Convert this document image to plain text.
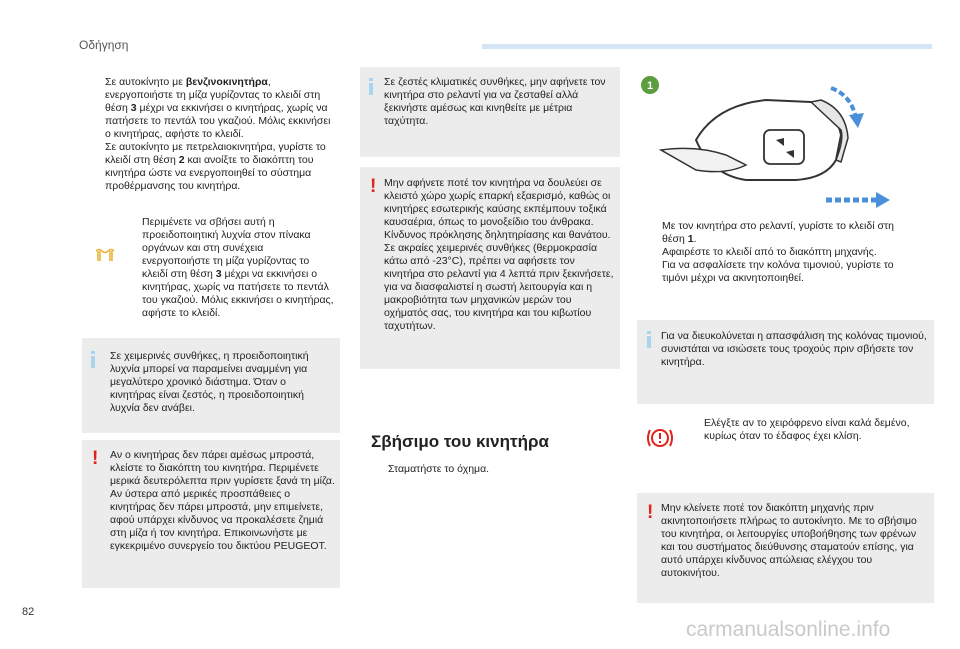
Οδήγηση
Σε αυτοκίνητο με βενζινοκινητήρα, ενεργοποιήστε τη μίζα γυρίζοντας το κλειδί στη θέση 3 μέχρι να εκκινήσει ο κινητήρας, χωρίς να πατήσετε το πεντάλ του γκαζιού. Μόλις εκκινήσει ο κινητήρας, αφήστε το κλειδί.
Σε αυτοκίνητο με πετρελαιοκινητήρα, γυρίστε το κλειδί στη θέση 2 και ανοίξτε το διακόπτη του κινητήρα ώστε να ενεργοποιηθεί το σύστημα προθέρμανσης του κινητήρα.
Περιμένετε να σβήσει αυτή η προειδοποιητική λυχνία στον πίνακα οργάνων και στη συνέχεια ενεργοποιήστε τη μίζα γυρίζοντας το κλειδί στη θέση 3 μέχρι να εκκινήσει ο κινητήρας, χωρίς να πατήσετε το πεντάλ του γκαζιού. Μόλις εκκινήσει ο κινητήρας, αφήστε το κλειδί.
Σε χειμερινές συνθήκες, η προειδοποιητική λυχνία μπορεί να παραμείνει αναμμένη για μεγαλύτερο χρονικό διάστημα. Όταν ο κινητήρας είναι ζεστός, η προειδοποιητική λυχνία δεν ανάβει.
! Αν ο κινητήρας δεν πάρει αμέσως μπροστά, κλείστε το διακόπτη του κινητήρα. Περιμένετε μερικά δευτερόλεπτα πριν γυρίσετε ξανά τη μίζα. Αν ύστερα από μερικές προσπάθειες ο κινητήρας δεν πάρει μπροστά, μην επιμείνετε, αφού υπάρχει κίνδυνος να προκαλέσετε ζημιά στη μίζα ή τον κινητήρα. Επικοινωνήστε με εγκεκριμένο συνεργείο του δικτύου PEUGEOT.
Σε ζεστές κλιματικές συνθήκες, μην αφήνετε τον κινητήρα στο ρελαντί για να ζεσταθεί αλλά ξεκινήστε αμέσως και κινηθείτε με μέτρια ταχύτητα.
! Μην αφήνετε ποτέ τον κινητήρα να δουλεύει σε κλειστό χώρο χωρίς επαρκή εξαερισμό, καθώς οι κινητήρες εσωτερικής καύσης εκπέμπουν τοξικά καυσαέρια, όπως το μονοξείδιο του άνθρακα. Κίνδυνος πρόκλησης δηλητηρίασης και θανάτου. Σε ακραίες χειμερινές συνθήκες (θερμοκρασία κάτω από -23°C), πρέπει να αφήσετε τον κινητήρα στο ρελαντί για 4 λεπτά πριν ξεκινήσετε, για να διασφαλιστεί η σωστή λειτουργία και η μακροβιότητα των μηχανικών μερών του οχήματός σας, του κινητήρα και του κιβωτίου ταχυτήτων.
Σβήσιμο του κινητήρα
Σταματήστε το όχημα.
1
Με τον κινητήρα στο ρελαντί, γυρίστε το κλειδί στη θέση 1.
Αφαιρέστε το κλειδί από το διακόπτη μηχανής.
Για να ασφαλίσετε την κολόνα τιμονιού, γυρίστε το τιμόνι μέχρι να ακινητοποιηθεί.
Για να διευκολύνεται η απασφάλιση της κολόνας τιμονιού, συνιστάται να ισιώσετε τους τροχούς πριν σβήσετε τον κινητήρα.
Ελέγξτε αν το χειρόφρενο είναι καλά δεμένο, κυρίως όταν το έδαφος έχει κλίση.
! Μην κλείνετε ποτέ τον διακόπτη μηχανής πριν ακινητοποιήσετε πλήρως το αυτοκίνητο. Με το σβήσιμο του κινητήρα, οι λειτουργίες υποβοήθησης των φρένων και του συστήματος διεύθυνσης σταματούν επίσης, για αυτό υπάρχει κίνδυνος απώλειας ελέγχου του αυτοκινήτου.
82
carmanualsonline.info
